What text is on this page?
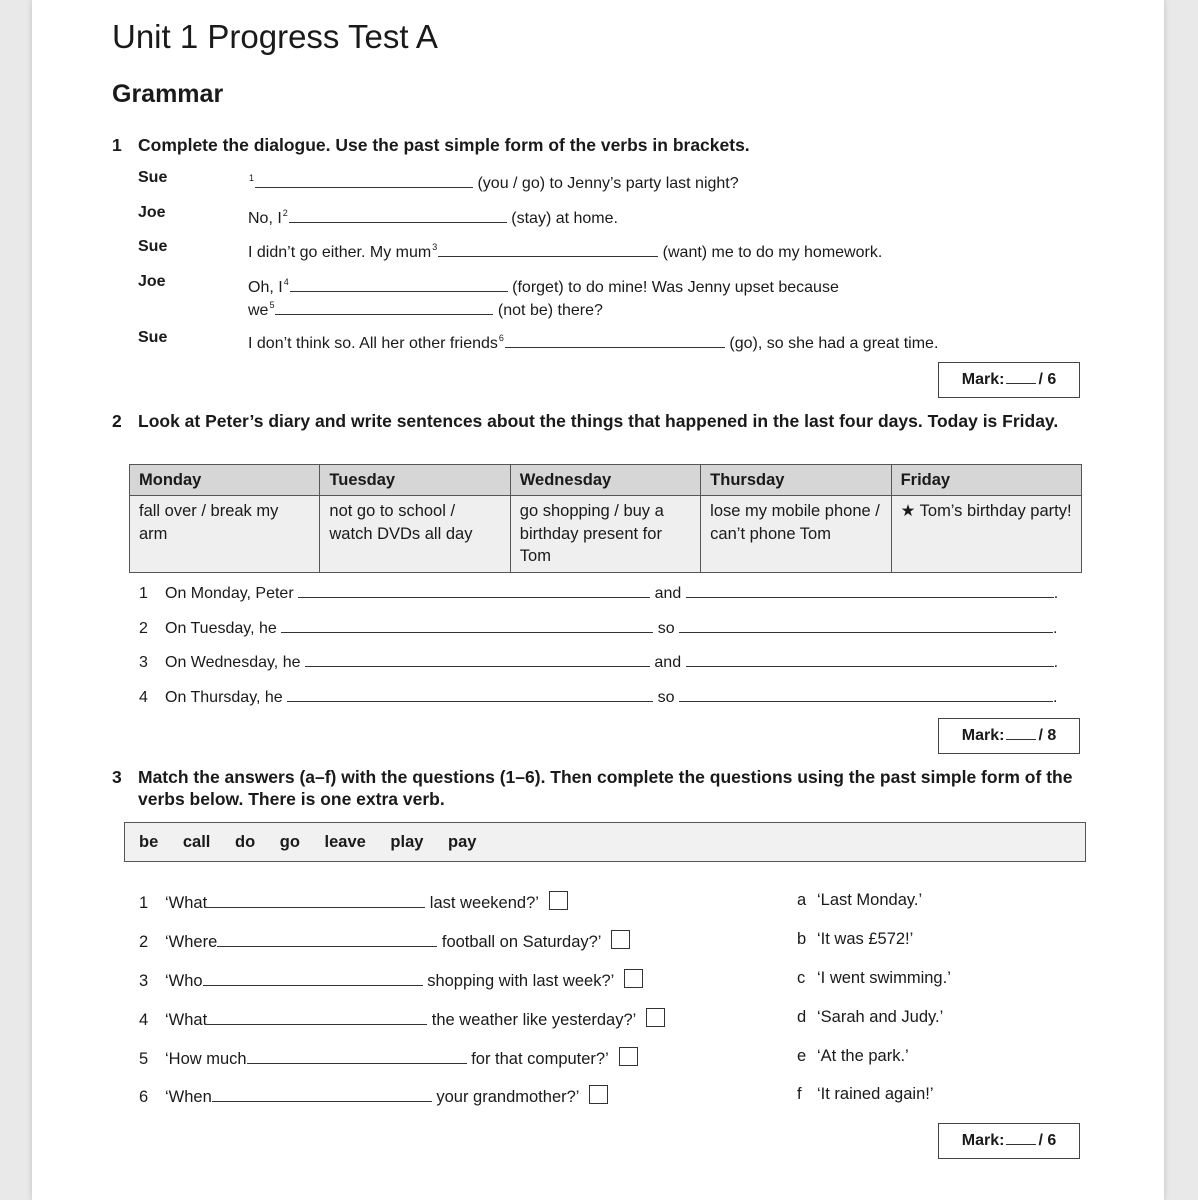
Unit 1 Progress Test A
Grammar
1 Complete the dialogue. Use the past simple form of the verbs in brackets.
Sue	$^1$	(you / go) to Jenny’s party last night?
Joe	No, $I^2$	(stay) at home.
Sue	I didn’t go either. My mum$^3$	(want) me to do my homework.
Joe	Oh, $I^4$	(forget) to do mine! Was Jenny upset because
$we^5$	(not be) there?
Sue	I don’t think so. All her other friends$^6$	(go), so she had a great time.
Mark: / 6
2 Look at Peter’s diary and write sentences about the things that happened in the last four days. Today is Friday.
Monday	Tuesday	Wednesday	Thursday	Friday
fall over / break my arm	not go to school / watch DVDs all day	go shopping / buy a birthday present for Tom	lose my mobile phone / can’t phone Tom	★ Tom’s birthday party!
1 On Monday, Peter	and	.
2 On Tuesday, he	so	.
3 On Wednesday, he	and	.
4 On Thursday, he	so	.
Mark: / 8
3 Match the answers (a–f) with the questions (1–6). Then complete the questions using the past simple form of the verbs below. There is one extra verb.
be call do go leave play pay
1 ‘What	last weekend?’
2 ‘Where	football on Saturday?’
3 ‘Who	shopping with last week?’
4 ‘What	the weather like yesterday?’
5 ‘How much	for that computer?’
6 ‘When	your grandmother?’
a ‘Last Monday.’
b ‘It was £572!’
c ‘I went swimming.’
d ‘Sarah and Judy.’
e ‘At the park.’
f ‘It rained again!’
Mark: / 6
